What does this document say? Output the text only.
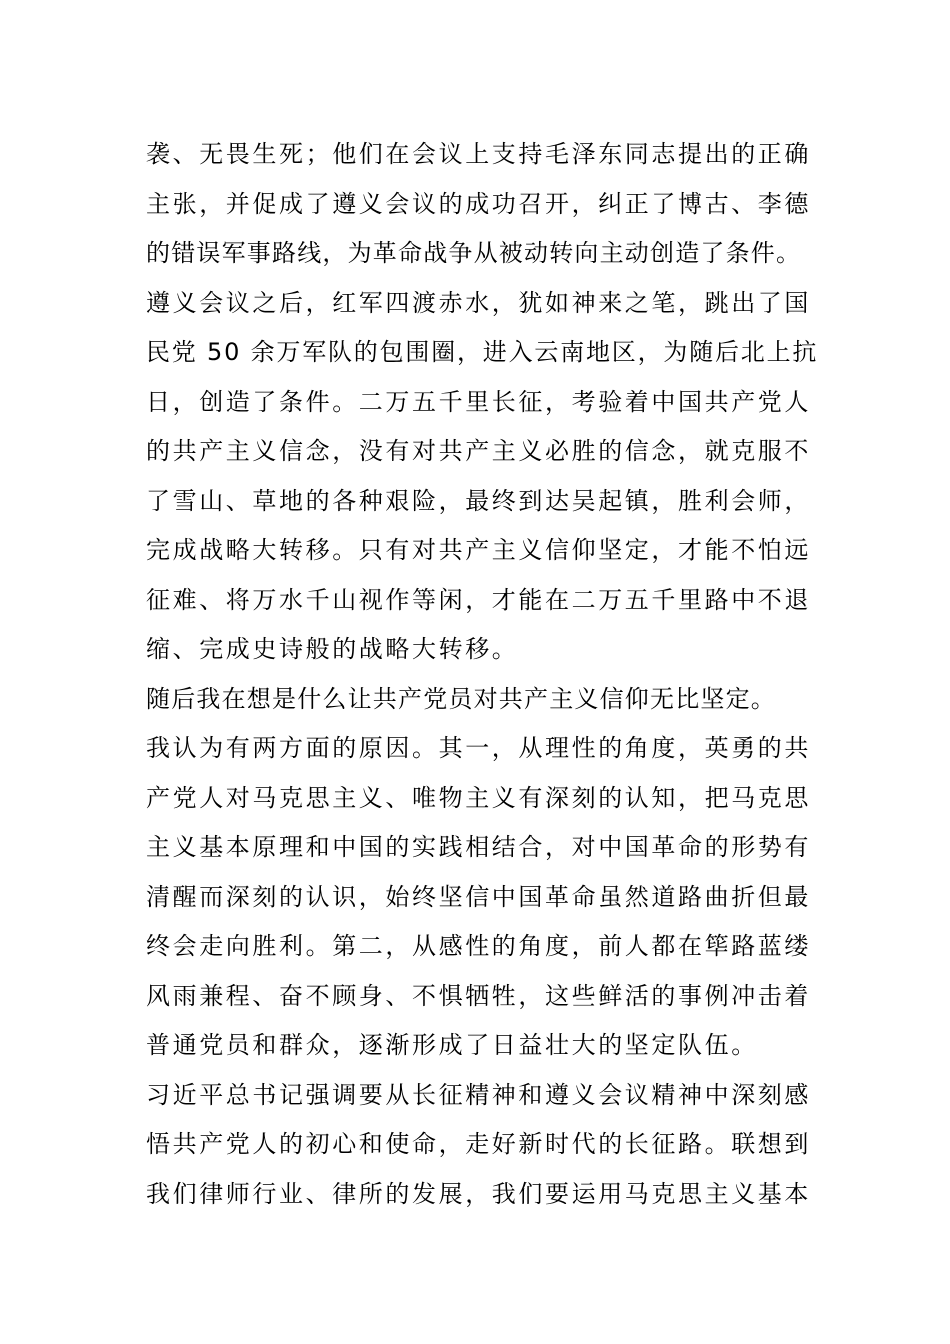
袭、无畏生死；他们在会议上支持毛泽东同志提出的正确
主张，并促成了遵义会议的成功召开，纠正了博古、李德
的错误军事路线，为革命战争从被动转向主动创造了条件。
遵义会议之后，红军四渡赤水，犹如神来之笔，跳出了国
民党 50 余万军队的包围圈，进入云南地区，为随后北上抗
日，创造了条件。二万五千里长征，考验着中国共产党人
的共产主义信念，没有对共产主义必胜的信念，就克服不
了雪山、草地的各种艰险，最终到达吴起镇，胜利会师，
完成战略大转移。只有对共产主义信仰坚定，才能不怕远
征难、将万水千山视作等闲，才能在二万五千里路中不退
缩、完成史诗般的战略大转移。
随后我在想是什么让共产党员对共产主义信仰无比坚定。
我认为有两方面的原因。其一，从理性的角度，英勇的共
产党人对马克思主义、唯物主义有深刻的认知，把马克思
主义基本原理和中国的实践相结合，对中国革命的形势有
清醒而深刻的认识，始终坚信中国革命虽然道路曲折但最
终会走向胜利。第二，从感性的角度，前人都在筚路蓝缕
风雨兼程、奋不顾身、不惧牺牲，这些鲜活的事例冲击着
普通党员和群众，逐渐形成了日益壮大的坚定队伍。
习近平总书记强调要从长征精神和遵义会议精神中深刻感
悟共产党人的初心和使命，走好新时代的长征路。联想到
我们律师行业、律所的发展，我们要运用马克思主义基本
